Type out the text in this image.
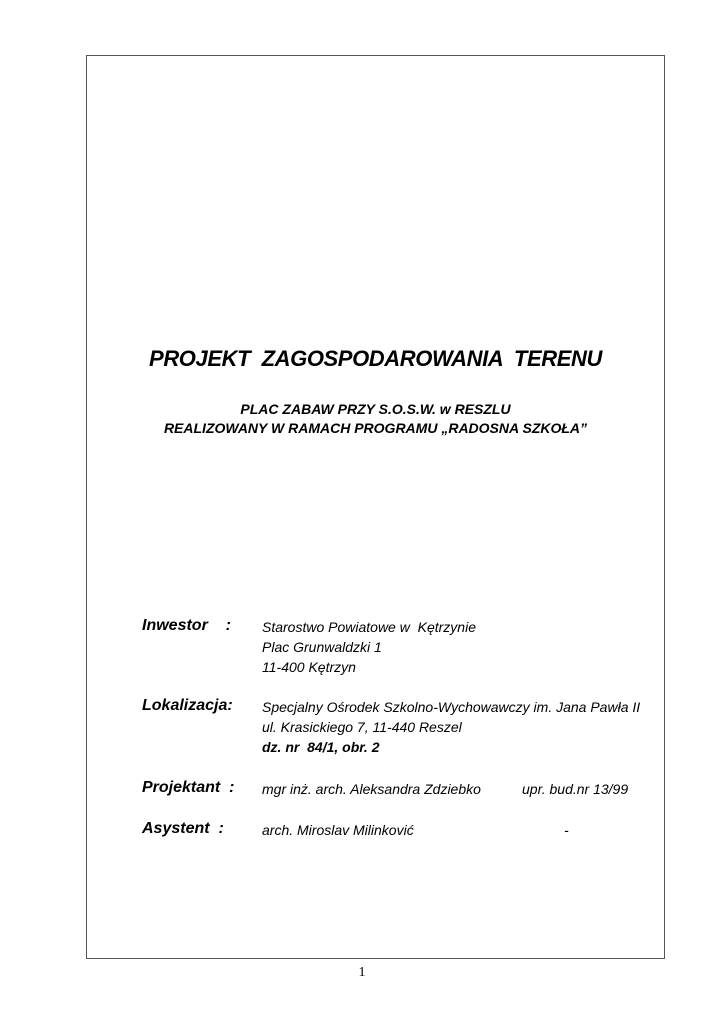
PROJEKT  ZAGOSPODAROWANIA  TERENU
PLAC ZABAW PRZY S.O.S.W. w RESZLU
REALIZOWANY W RAMACH PROGRAMU „RADOSNA SZKOŁA”
Inwestor    : Starostwo Powiatowe w  Kętrzynie
Plac Grunwaldzki 1
11-400 Kętrzyn
Lokalizacja: Specjalny Ośrodek Szkolno-Wychowawczy im. Jana Pawła II
ul. Krasickiego 7, 11-440 Reszel
dz. nr  84/1, obr. 2
Projektant  : mgr inż. arch. Aleksandra Zdziebko	upr. bud.nr 13/99
Asystent  :	arch. Miroslav Milinković	-
1
